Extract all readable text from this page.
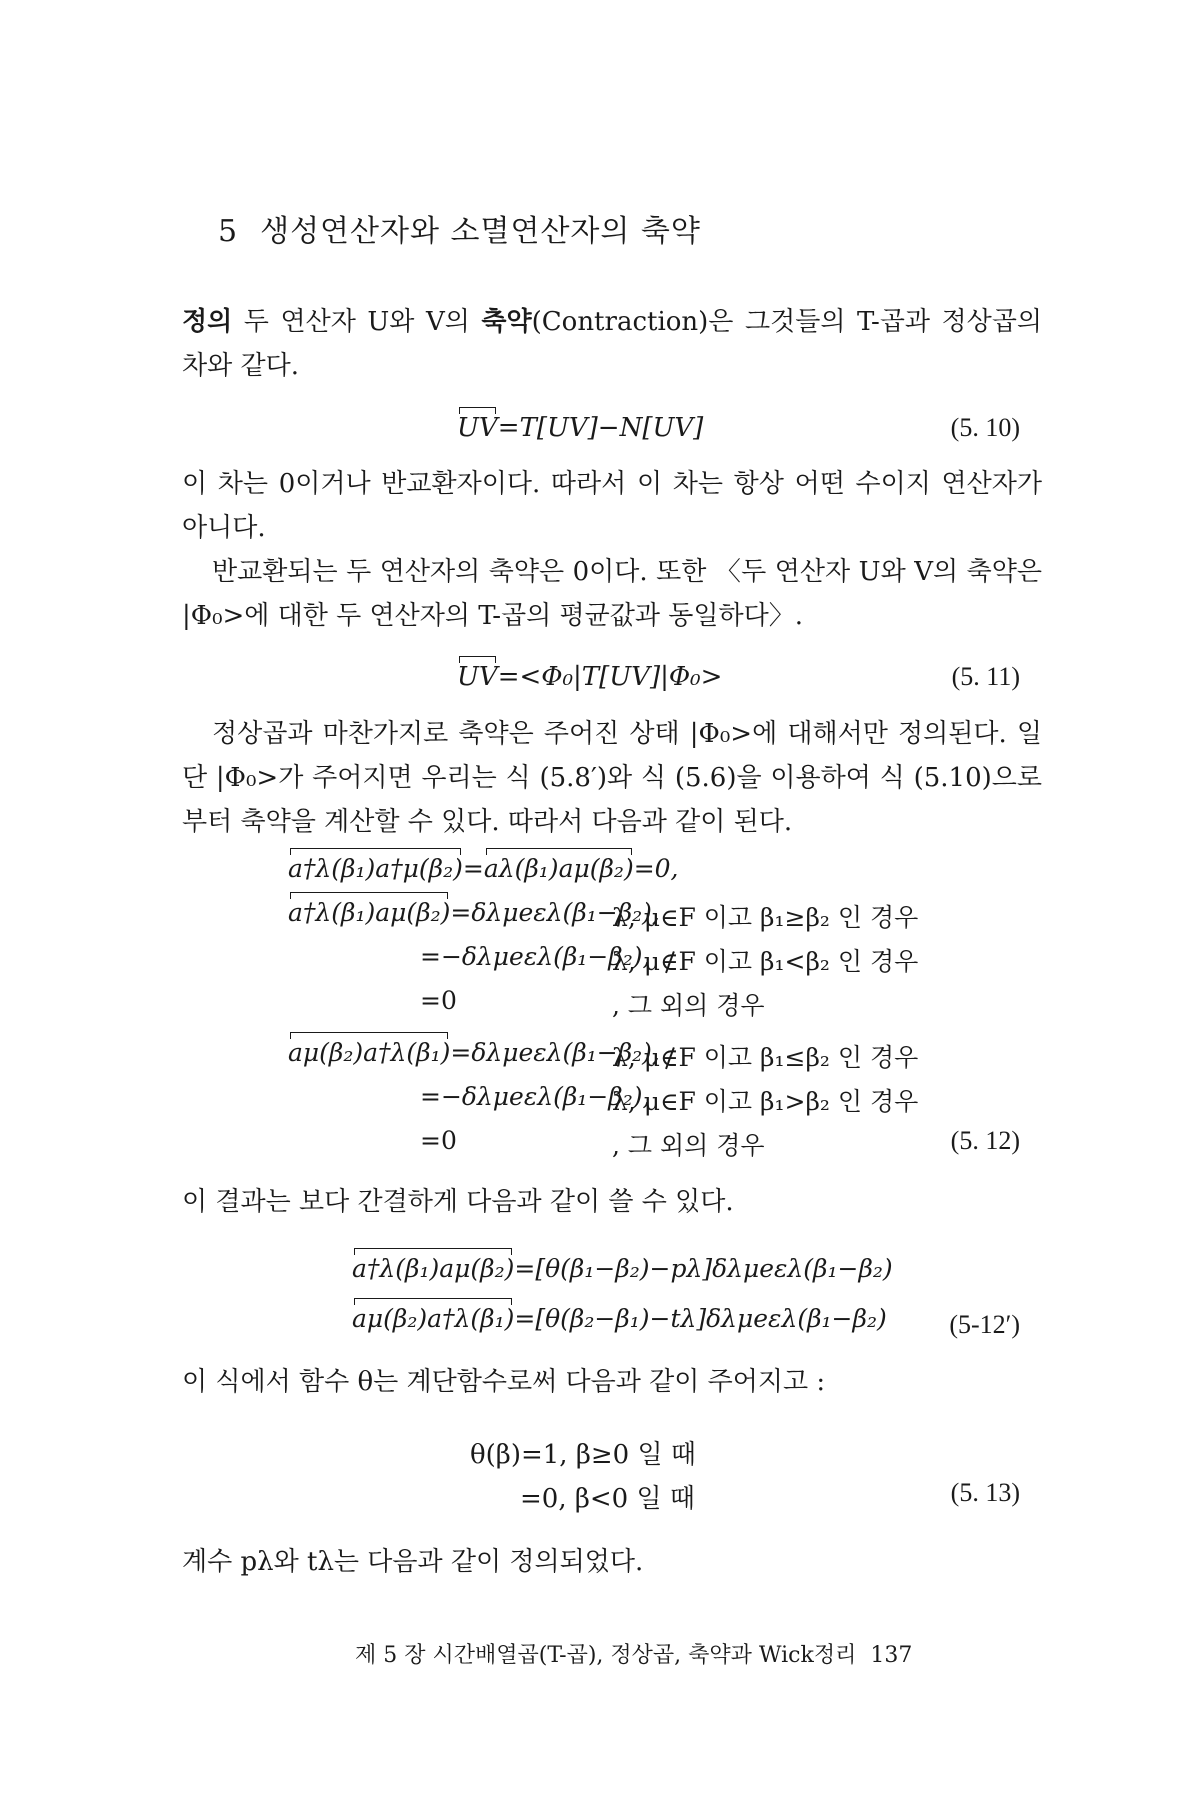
5 생성연산자와 소멸연산자의 축약

정의 두 연산자 U와 V의 축약(Contraction)은 그것들의 T-곱과 정상곱의 차와 같다.

UV=T[UV]−N[UV]	(5. 10)

이 차는 0이거나 반교환자이다. 따라서 이 차는 항상 어떤 수이지 연산자가 아니다.

반교환되는 두 연산자의 축약은 0이다. 또한 〈두 연산자 U와 V의 축약은 |Φ₀>에 대한 두 연산자의 T-곱의 평균값과 동일하다〉.

UV=<Φ₀|T[UV]|Φ₀>	(5. 11)

정상곱과 마찬가지로 축약은 주어진 상태 |Φ₀>에 대해서만 정의된다. 일단 |Φ₀>가 주어지면 우리는 식 (5.8′)와 식 (5.6)을 이용하여 식 (5.10)으로부터 축약을 계산할 수 있다. 따라서 다음과 같이 된다.

a†λ(β₁)a†μ(β₂)=aλ(β₁)aμ(β₂)=0,
a†λ(β₁)aμ(β₂)=δλμeελ(β₁−β₂),
λ, μ∈F 이고 β₁≥β₂ 인 경우
=−δλμeελ(β₁−β₂),
λ, μ∉F 이고 β₁<β₂ 인 경우
=0	, 그 외의 경우
aμ(β₂)a†λ(β₁)=δλμeελ(β₁−β₂),
λ, μ∉F 이고 β₁≤β₂ 인 경우
=−δλμeελ(β₁−β₂),
λ, μ∈F 이고 β₁>β₂ 인 경우
=0	, 그 외의 경우	(5. 12)

이 결과는 보다 간결하게 다음과 같이 쓸 수 있다.

a†λ(β₁)aμ(β₂)=[θ(β₁−β₂)−pλ]δλμeελ(β₁−β₂)
aμ(β₂)a†λ(β₁)=[θ(β₂−β₁)−tλ]δλμeελ(β₁−β₂) (5-12′)

이 식에서 함수 θ는 계단함수로써 다음과 같이 주어지고 :

θ(β)=1, β≥0 일 때
=0, β<0 일 때	(5. 13)

계수 pλ와 tλ는 다음과 같이 정의되었다.

제 5 장 시간배열곱(T-곱), 정상곱, 축약과 Wick정리 137
